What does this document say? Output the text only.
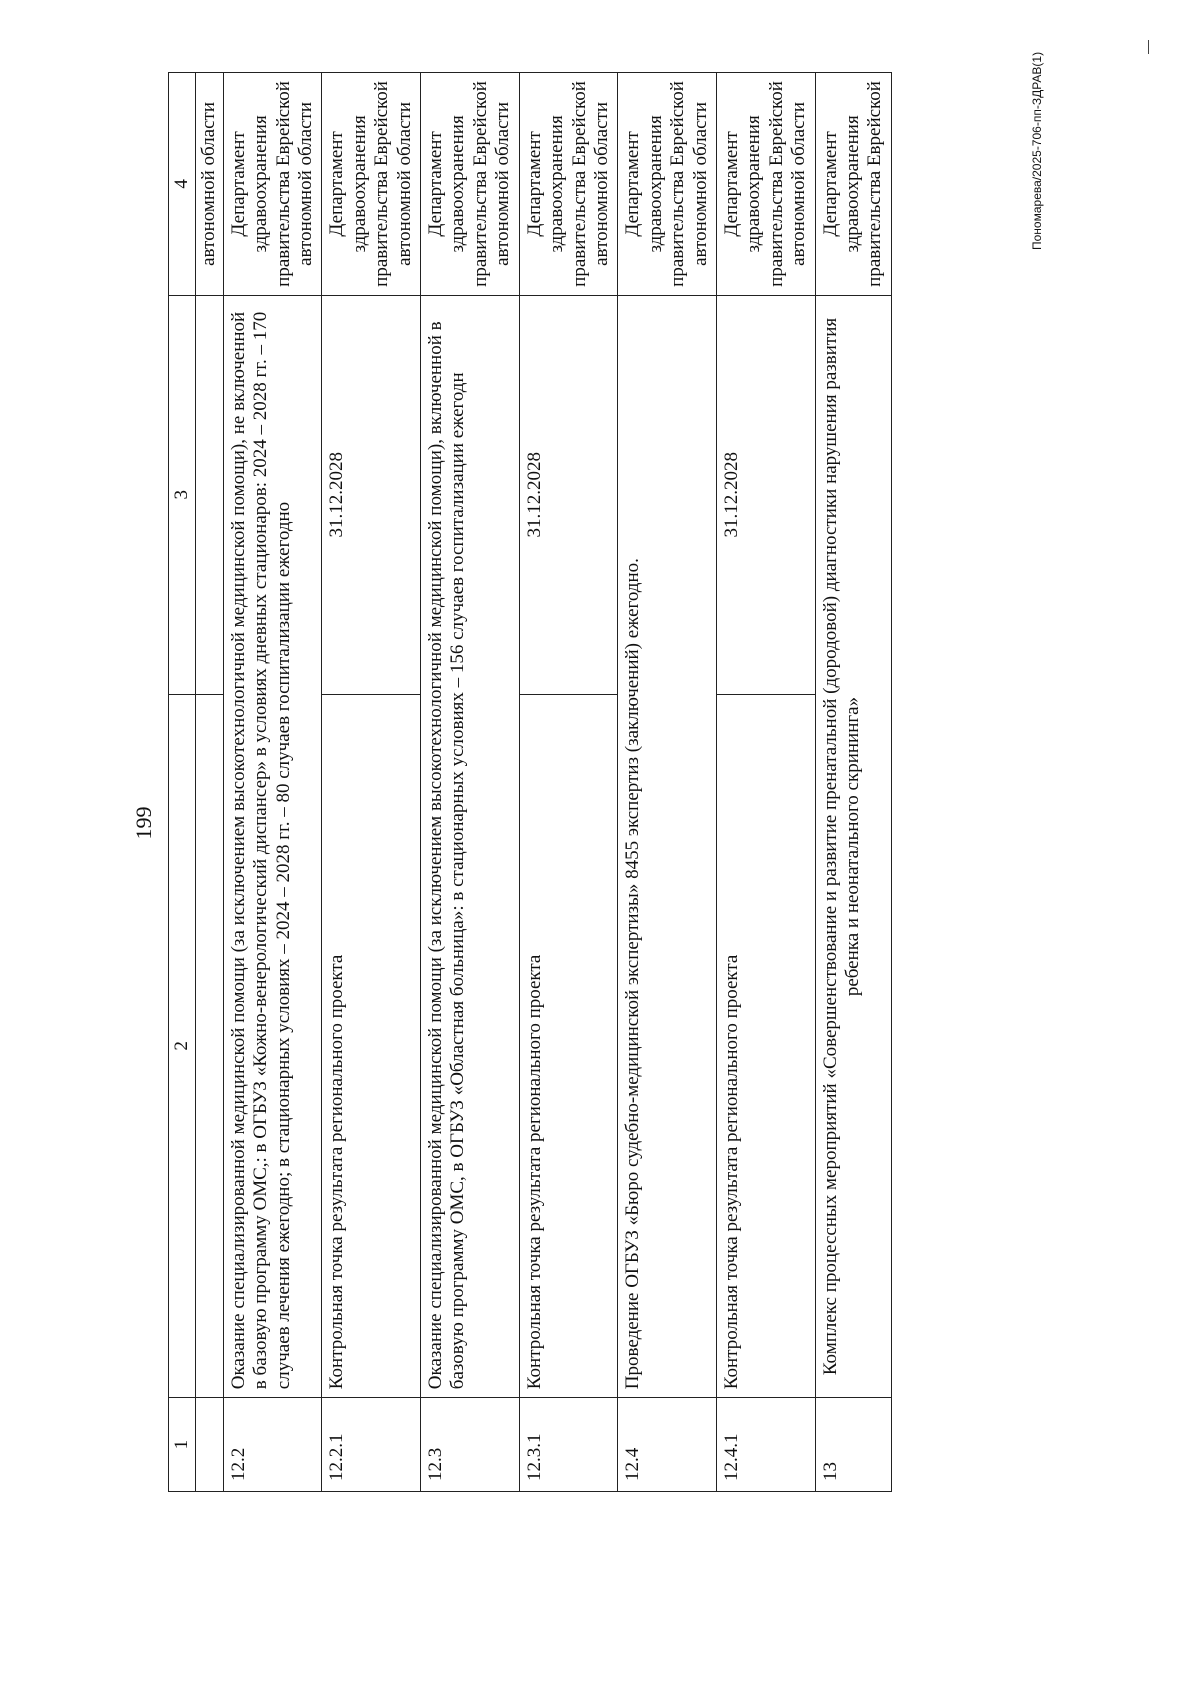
199
Пономарева/2025-706-пп-ЗДРАВ(1)
1	2	3	4
			автономной области
12.2	Оказание специализированной медицинской помощи (за исключением высокотехнологичной медицинской помощи), не включенной в базовую программу ОМС,: в ОГБУЗ «Кожно-венерологический диспансер» в условиях дневных стационаров: 2024 – 2028 гг. – 170 случаев лечения ежегодно; в стационарных условиях – 2024 – 2028 гг. – 80 случаев госпитализации ежегодно		Департамент здравоохранения правительства Еврейской автономной области
12.2.1	Контрольная точка результата регионального проекта	31.12.2028	Департамент здравоохранения правительства Еврейской автономной области
12.3	Оказание специализированной медицинской помощи (за исключением высокотехнологичной медицинской помощи), включенной в базовую программу ОМС, в ОГБУЗ «Областная больница»: в стационарных условиях – 156 случаев госпитализации ежегодн		Департамент здравоохранения правительства Еврейской автономной области
12.3.1	Контрольная точка результата регионального проекта	31.12.2028	Департамент здравоохранения правительства Еврейской автономной области
12.4	Проведение ОГБУЗ «Бюро судебно-медицинской экспертизы» 8455 экспертиз (заключений) ежегодно.		Департамент здравоохранения правительства Еврейской автономной области
12.4.1	Контрольная точка результата регионального проекта	31.12.2028	Департамент здравоохранения правительства Еврейской автономной области
13	Комплекс процессных мероприятий «Совершенствование и развитие пренатальной (дородовой) диагностики нарушения развития ребенка и неонатального скрининга»		Департамент здравоохранения правительства Еврейской
